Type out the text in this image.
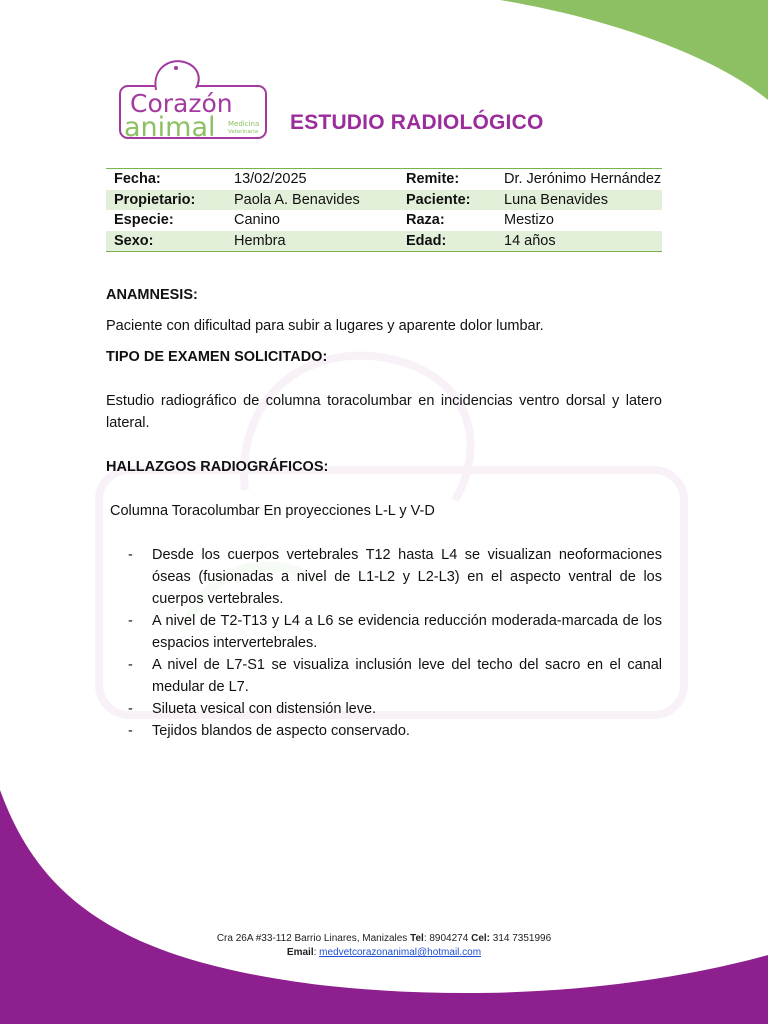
Corazón
animal Medicina
Veterinaria ESTUDIO RADIOLÓGICO
Fecha:	13/02/2025	Remite:	Dr. Jerónimo Hernández
Propietario:	Paola A. Benavides	Paciente:	Luna Benavides
Especie:	Canino	Raza:	Mestizo
Sexo:	Hembra	Edad:	14 años

ANAMNESIS:

Paciente con dificultad para subir a lugares y aparente dolor lumbar.

TIPO DE EXAMEN SOLICITADO:

Estudio radiográfico de columna toracolumbar en incidencias ventro dorsal y latero lateral.

HALLAZGOS RADIOGRÁFICOS:

Columna Toracolumbar En proyecciones L-L y V-D

- Desde los cuerpos vertebrales T12 hasta L4 se visualizan neoformaciones óseas (fusionadas a nivel de L1-L2 y L2-L3) en el aspecto ventral de los cuerpos vertebrales.
- A nivel de T2-T13 y L4 a L6 se evidencia reducción moderada-marcada de los espacios intervertebrales.
- A nivel de L7-S1 se visualiza inclusión leve del techo del sacro en el canal medular de L7.
- Silueta vesical con distensión leve.
- Tejidos blandos de aspecto conservado.
Cra 26A #33-112 Barrio Linares, Manizales Tel: 8904274 Cel: 314 7351996
Email: medvetcorazonanimal@hotmail.com
